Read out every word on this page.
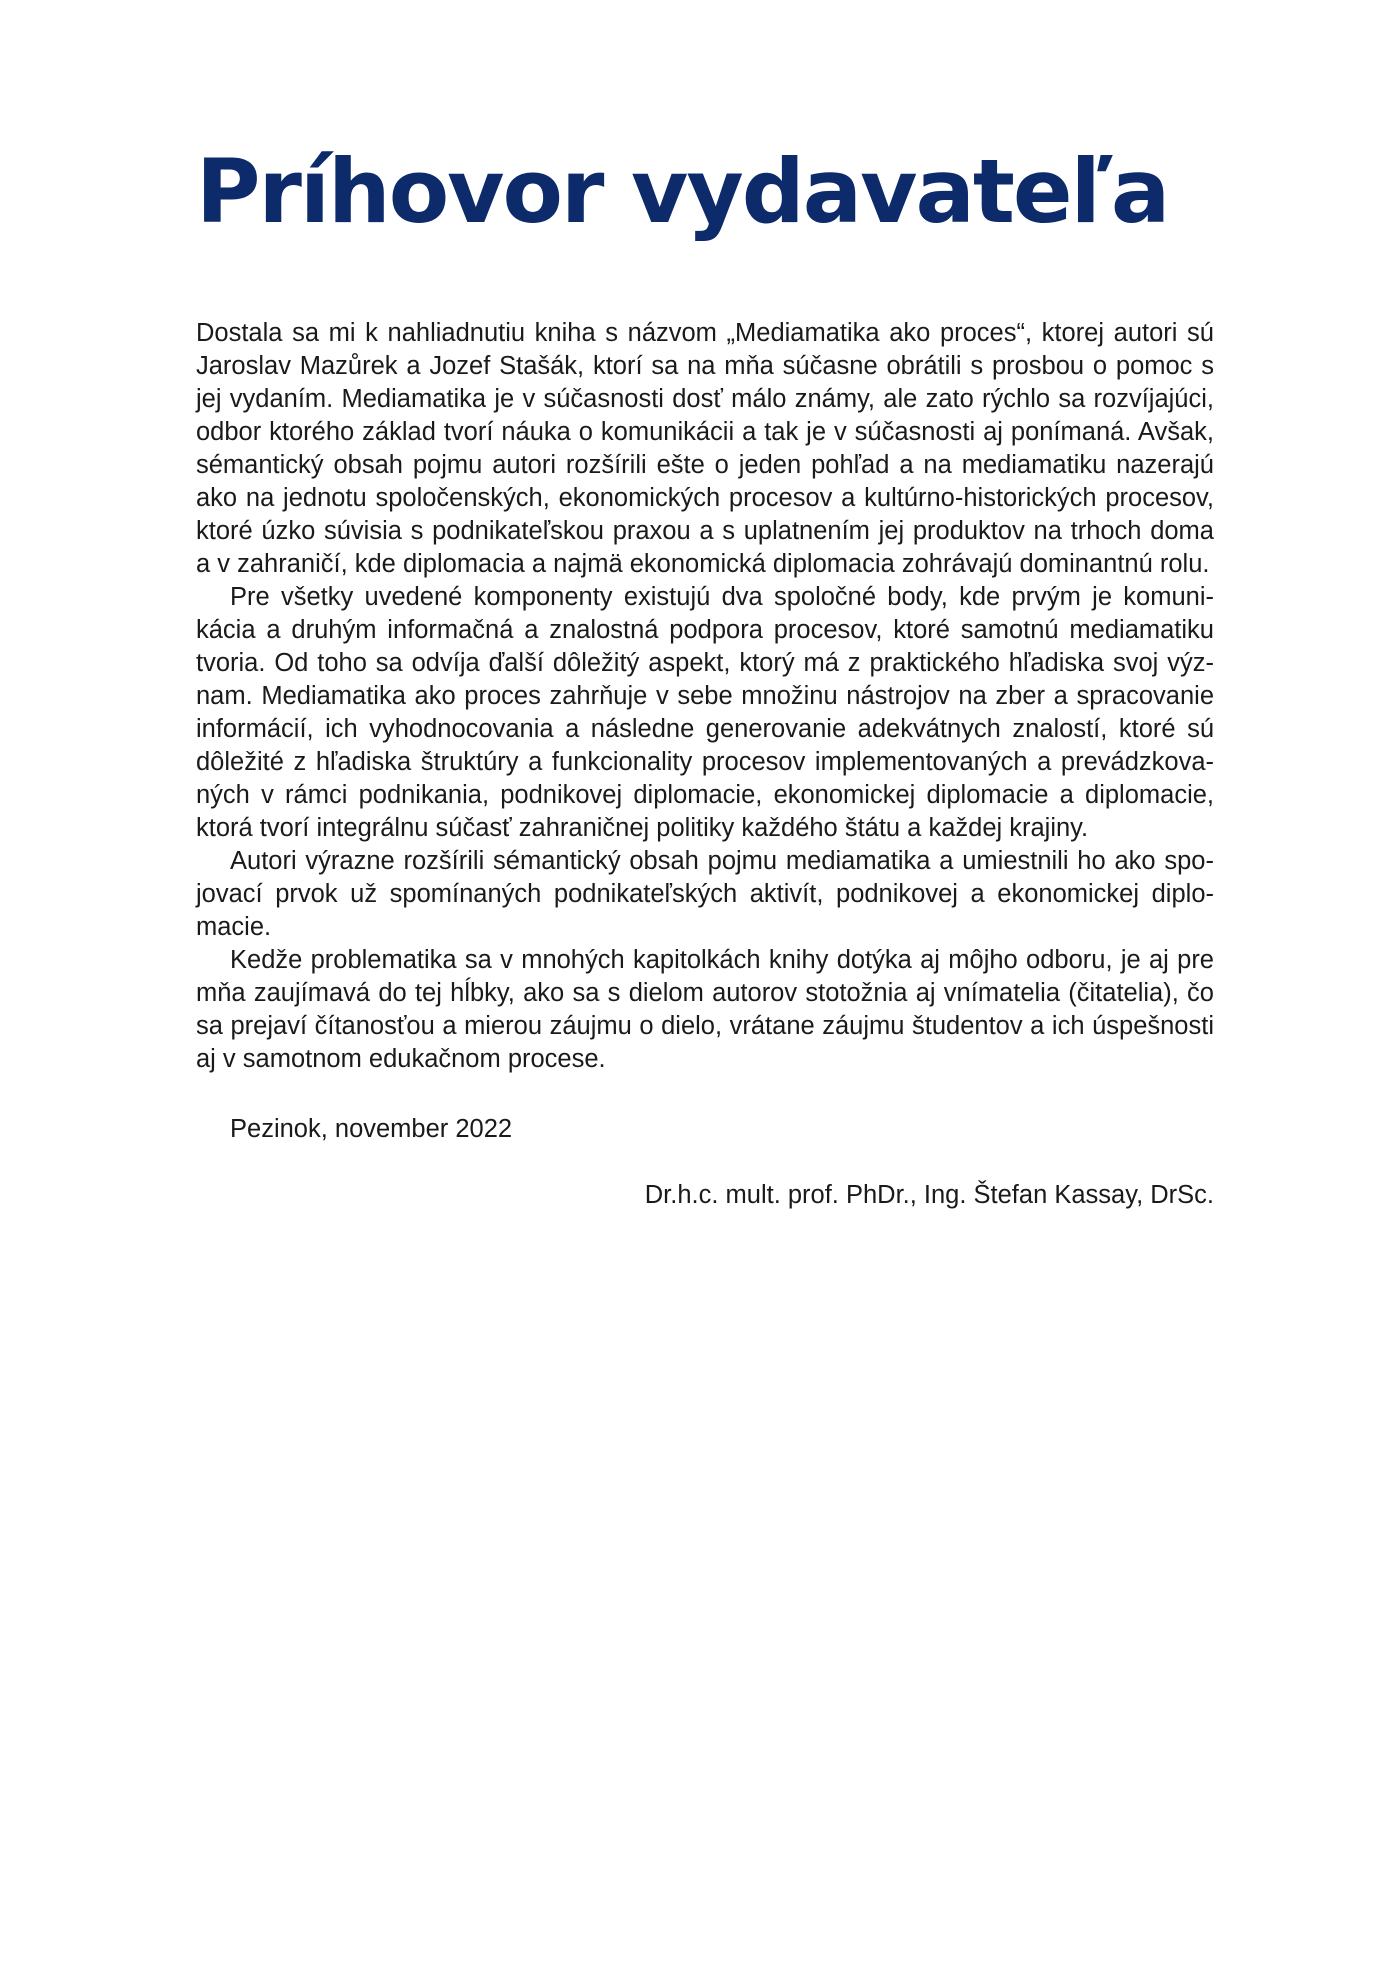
Príhovor vydavateľa

Dostala sa mi k nahliadnutiu kniha s názvom „Mediamatika ako proces“, ktorej autori sú Jaroslav Mazůrek a Jozef Stašák, ktorí sa na mňa súčasne obrátili s prosbou o pomoc s jej vydaním. Mediamatika je v súčasnosti dosť málo známy, ale zato rýchlo sa rozvíjajúci, odbor ktorého základ tvorí náuka o komunikácii a tak je v súčasnosti aj ponímaná. Avšak, sémantický obsah pojmu autori rozšírili ešte o jeden pohľad a na mediamatiku nazerajú ako na jednotu spoločenských, ekonomických procesov a kultúrno-historických procesov, ktoré úzko súvisia s podnikateľskou praxou a s uplatnením jej produktov na trhoch doma a v zahraničí, kde diplomacia a najmä ekonomická diplomacia zohrávajú dominantnú rolu.

Pre všetky uvedené komponenty existujú dva spoločné body, kde prvým je komunikácia a druhým informačná a znalostná podpora procesov, ktoré samotnú mediamatiku tvoria. Od toho sa odvíja ďalší dôležitý aspekt, ktorý má z praktického hľadiska svoj význam. Mediamatika ako proces zahrňuje v sebe množinu nástrojov na zber a spracovanie informácií, ich vyhodnocovania a následne generovanie adekvátnych znalostí, ktoré sú dôležité z hľadiska štruktúry a funkcionality procesov implementovaných a prevádzkovaných v rámci podnikania, podnikovej diplomacie, ekonomickej diplomacie a diplomacie, ktorá tvorí integrálnu súčasť zahraničnej politiky každého štátu a každej krajiny.

Autori výrazne rozšírili sémantický obsah pojmu mediamatika a umiestnili ho ako spojovací prvok už spomínaných podnikateľských aktivít, podnikovej a ekonomickej diplomacie.

Kedže problematika sa v mnohých kapitolkách knihy dotýka aj môjho odboru, je aj pre mňa zaujímavá do tej hĺbky, ako sa s dielom autorov stotožnia aj vnímatelia (čitatelia), čo sa prejaví čítanosťou a mierou záujmu o dielo, vrátane záujmu študentov a ich úspešnosti aj v samotnom edukačnom procese.

Pezinok, november 2022

Dr.h.c. mult. prof. PhDr., Ing. Štefan Kassay, DrSc.
